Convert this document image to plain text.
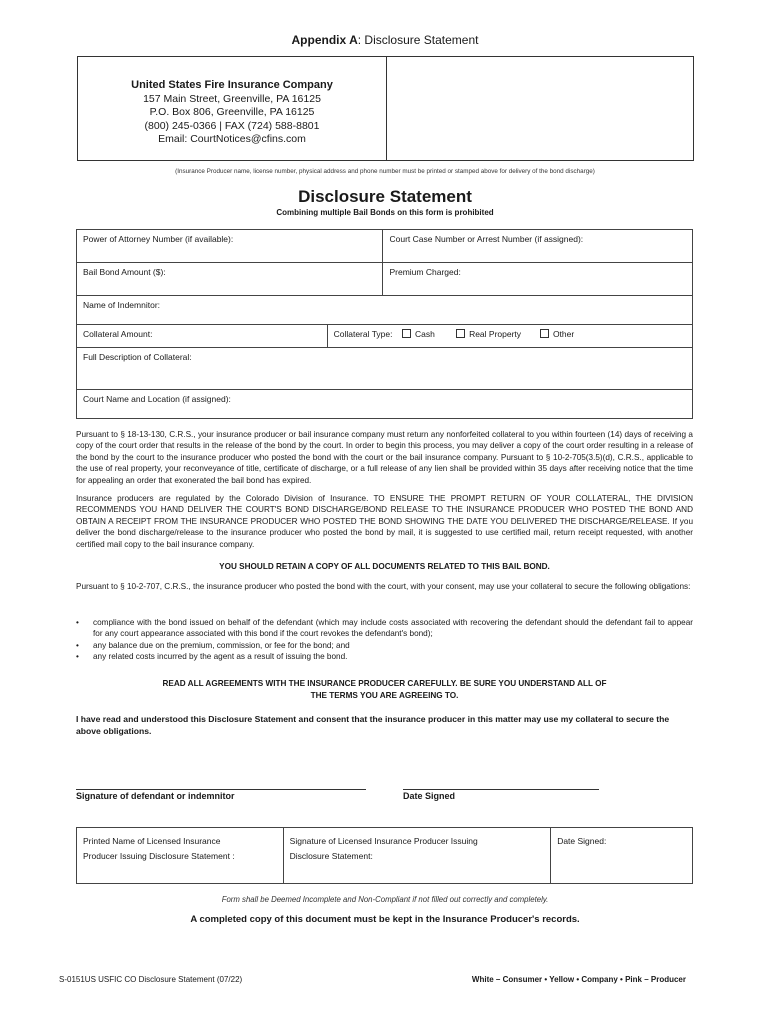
Appendix A: Disclosure Statement
United States Fire Insurance Company
157 Main Street, Greenville, PA 16125
P.O. Box 806, Greenville, PA 16125
(800) 245-0366 | FAX (724) 588-8801
Email: CourtNotices@cfins.com
(Insurance Producer name, license number, physical address and phone number must be printed or stamped above for delivery of the bond discharge)
Disclosure Statement
Combining multiple Bail Bonds on this form is prohibited
Power of Attorney Number (if available):		Court Case Number or Arrest Number (if assigned):
Bail Bond Amount ($):		Premium Charged:
Name of Indemnitor:		
Collateral Amount:	Collateral Type: Cash Real Property Other	
Full Description of Collateral:		
Court Name and Location (if assigned):		
Pursuant to § 18-13-130, C.R.S., your insurance producer or bail insurance company must return any nonforfeited collateral to you within fourteen (14) days of receiving a copy of the court order that results in the release of the bond by the court. In order to begin this process, you may deliver a copy of the court order resulting in a release of the bond by the court to the insurance producer who posted the bond with the court or the bail insurance company. Pursuant to § 10-2-705(3.5)(d), C.R.S., applicable to the use of real property, your reconveyance of title, certificate of discharge, or a full release of any lien shall be provided within 35 days after receiving notice that the time for appealing an order that exonerated the bail bond has expired.
Insurance producers are regulated by the Colorado Division of Insurance. TO ENSURE THE PROMPT RETURN OF YOUR COLLATERAL, THE DIVISION RECOMMENDS YOU HAND DELIVER THE COURT'S BOND DISCHARGE/BOND RELEASE TO THE INSURANCE PRODUCER WHO POSTED THE BOND AND OBTAIN A RECEIPT FROM THE INSURANCE PRODUCER WHO POSTED THE BOND SHOWING THE DATE YOU DELIVERED THE DISCHARGE/RELEASE. If you deliver the bond discharge/release to the insurance producer who posted the bond by mail, it is suggested to use certified mail, return receipt requested, with another certified mail copy to the bail insurance company.
YOU SHOULD RETAIN A COPY OF ALL DOCUMENTS RELATED TO THIS BAIL BOND.
Pursuant to § 10-2-707, C.R.S., the insurance producer who posted the bond with the court, with your consent, may use your collateral to secure the following obligations:
• compliance with the bond issued on behalf of the defendant (which may include costs associated with recovering the defendant should the defendant fail to appear for any court appearance associated with this bond if the court revokes the defendant's bond);
• any balance due on the premium, commission, or fee for the bond; and
• any related costs incurred by the agent as a result of issuing the bond.
READ ALL AGREEMENTS WITH THE INSURANCE PRODUCER CAREFULLY. BE SURE YOU UNDERSTAND ALL OF
THE TERMS YOU ARE AGREEING TO.
I have read and understood this Disclosure Statement and consent that the insurance producer in this matter may use my collateral to secure the above obligations.
Signature of defendant or indemnitor	Date Signed
Printed Name of Licensed Insurance
Producer Issuing Disclosure Statement :

Signature of Licensed Insurance Producer Issuing
Disclosure Statement:

Date Signed:
Form shall be Deemed Incomplete and Non-Compliant if not filled out correctly and completely.
A completed copy of this document must be kept in the Insurance Producer's records.
S-0151US USFIC CO Disclosure Statement (07/22)	White – Consumer • Yellow • Company • Pink – Producer
